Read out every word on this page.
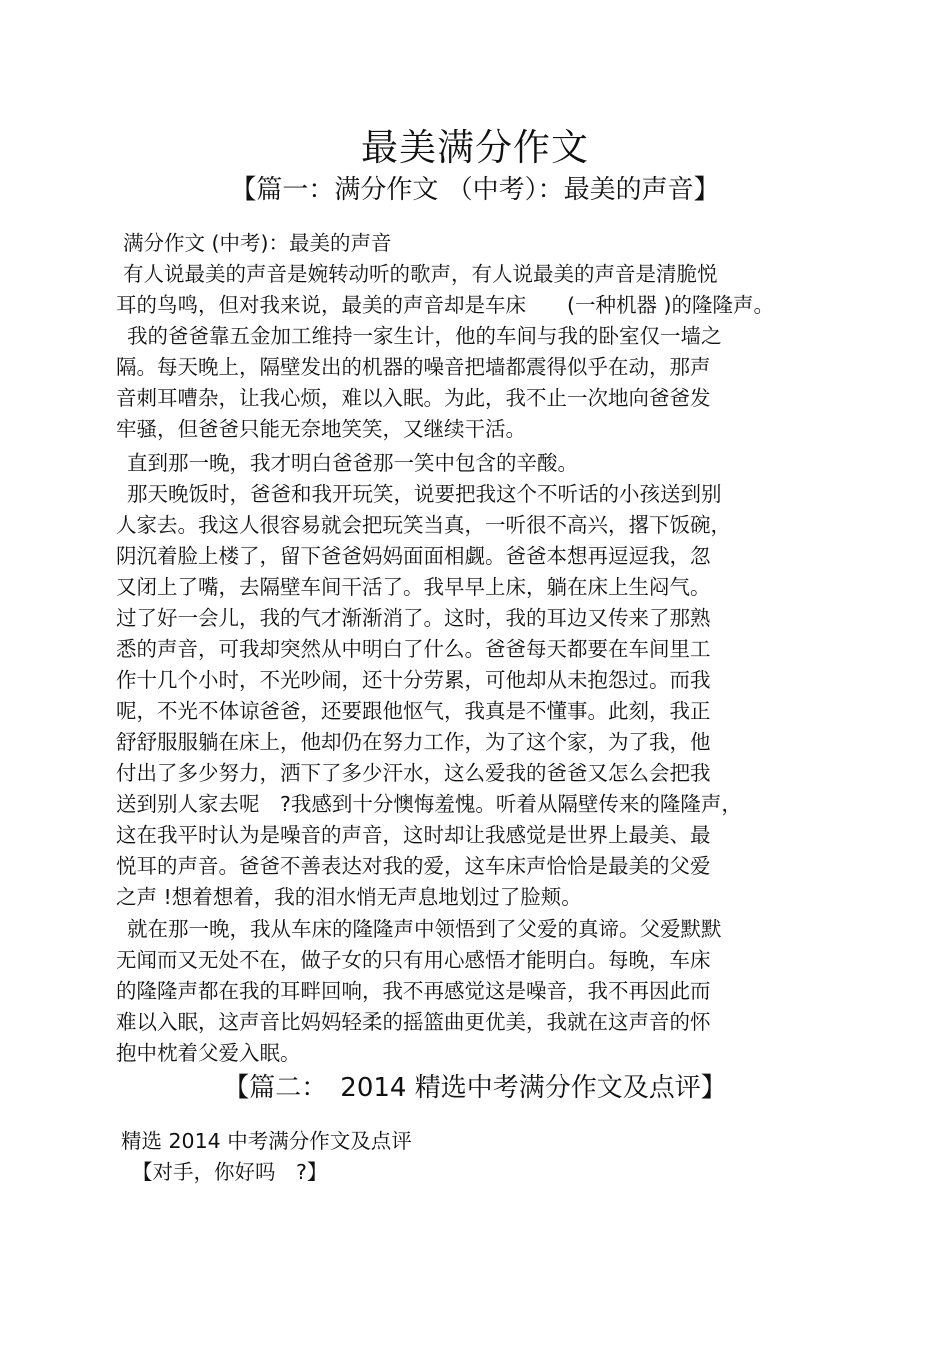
最美满分作文
【篇一：满分作文 （中考）：最美的声音】
满分作文 (中考)：最美的声音
有人说最美的声音是婉转动听的歌声，有人说最美的声音是清脆悦
耳的鸟鸣，但对我来说，最美的声音却是车床　　(一种机器 )的隆隆声。
我的爸爸靠五金加工维持一家生计，他的车间与我的卧室仅一墙之
隔。每天晚上，隔壁发出的机器的噪音把墙都震得似乎在动，那声
音刺耳嘈杂，让我心烦，难以入眠。为此，我不止一次地向爸爸发
牢骚，但爸爸只能无奈地笑笑，又继续干活。
直到那一晚，我才明白爸爸那一笑中包含的辛酸。
那天晚饭时，爸爸和我开玩笑，说要把我这个不听话的小孩送到别
人家去。我这人很容易就会把玩笑当真，一听很不高兴，撂下饭碗，
阴沉着脸上楼了，留下爸爸妈妈面面相觑。爸爸本想再逗逗我，忽
又闭上了嘴，去隔壁车间干活了。我早早上床，躺在床上生闷气。
过了好一会儿，我的气才渐渐消了。这时，我的耳边又传来了那熟
悉的声音，可我却突然从中明白了什么。爸爸每天都要在车间里工
作十几个小时，不光吵闹，还十分劳累，可他却从未抱怨过。而我
呢，不光不体谅爸爸，还要跟他怄气，我真是不懂事。此刻，我正
舒舒服服躺在床上，他却仍在努力工作，为了这个家，为了我，他
付出了多少努力，洒下了多少汗水，这么爱我的爸爸又怎么会把我
送到别人家去呢　?我感到十分懊悔羞愧。听着从隔壁传来的隆隆声，
这在我平时认为是噪音的声音，这时却让我感觉是世界上最美、最
悦耳的声音。爸爸不善表达对我的爱，这车床声恰恰是最美的父爱
之声 !想着想着，我的泪水悄无声息地划过了脸颊。
就在那一晚，我从车床的隆隆声中领悟到了父爱的真谛。父爱默默
无闻而又无处不在，做子女的只有用心感悟才能明白。每晚，车床
的隆隆声都在我的耳畔回响，我不再感觉这是噪音，我不再因此而
难以入眠，这声音比妈妈轻柔的摇篮曲更优美，我就在这声音的怀
抱中枕着父爱入眠。
【篇二：　2014 精选中考满分作文及点评】
精选 2014 中考满分作文及点评
【对手，你好吗　?】
